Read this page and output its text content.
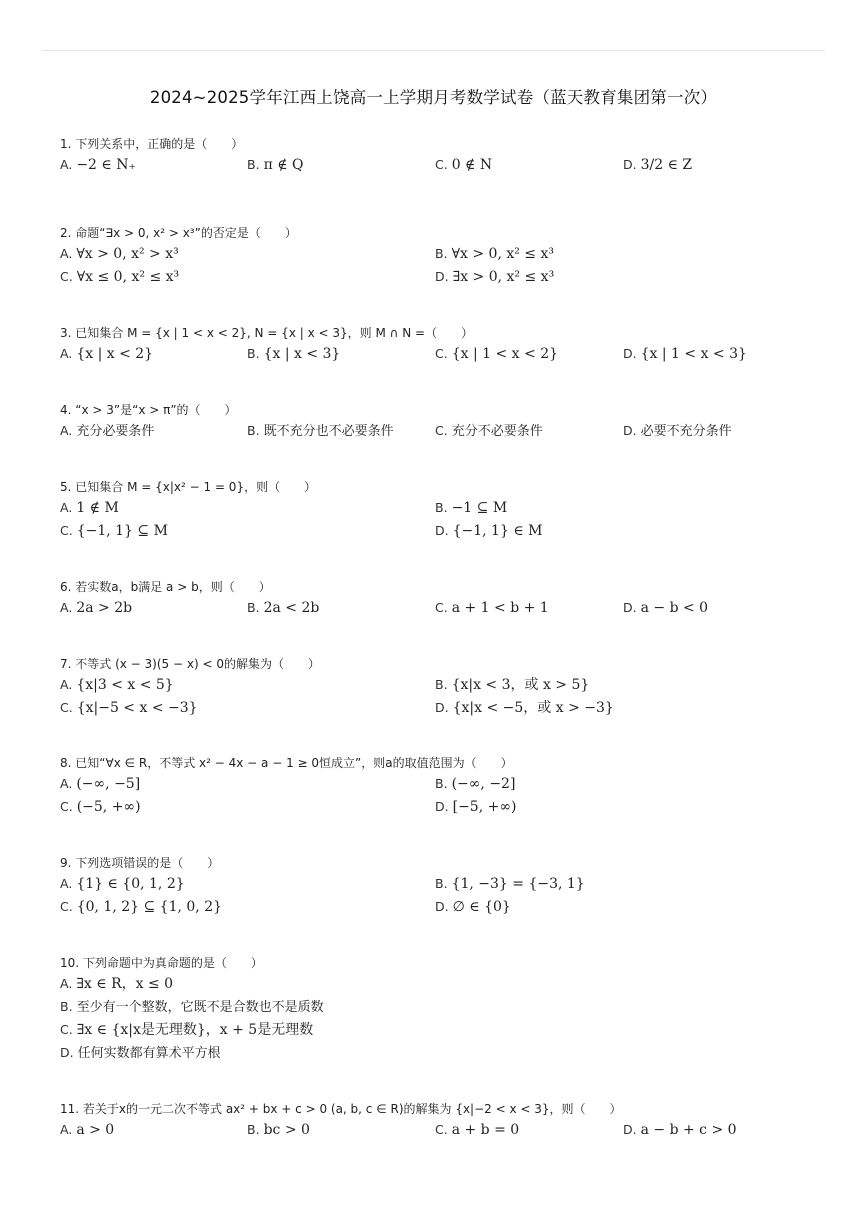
2024~2025学年江西上饶高一上学期月考数学试卷（蓝天教育集团第一次）
1. 下列关系中，正确的是（　　）
A. −2 ∈ N₊	B. π ∉ Q	C. 0 ∉ N	D. 3/2 ∈ Z
2. 命题“∃x > 0, x² > x³”的否定是（　　）
A. ∀x > 0, x² > x³	B. ∀x > 0, x² ≤ x³
C. ∀x ≤ 0, x² ≤ x³	D. ∃x > 0, x² ≤ x³
3. 已知集合 M = {x | 1 < x < 2}, N = {x | x < 3}，则 M ∩ N =（　　）
A. {x | x < 2}	B. {x | x < 3}	C. {x | 1 < x < 2}	D. {x | 1 < x < 3}
4. “x > 3”是“x > π”的（　　）
A. 充分必要条件	B. 既不充分也不必要条件	C. 充分不必要条件	D. 必要不充分条件
5. 已知集合 M = {x|x² − 1 = 0}，则（　　）
A. 1 ∉ M	B. −1 ⊆ M
C. {−1, 1} ⊆ M	D. {−1, 1} ∈ M
6. 若实数a，b满足 a > b，则（　　）
A. 2a > 2b	B. 2a < 2b	C. a + 1 < b + 1	D. a − b < 0
7. 不等式 (x − 3)(5 − x) < 0的解集为（　　）
A. {x|3 < x < 5}	B. {x|x < 3，或 x > 5}
C. {x|−5 < x < −3}	D. {x|x < −5，或 x > −3}
8. 已知“∀x ∈ R，不等式 x² − 4x − a − 1 ≥ 0恒成立”，则a的取值范围为（　　）
A. (−∞, −5]	B. (−∞, −2]
C. (−5, +∞)	D. [−5, +∞)
9. 下列选项错误的是（　　）
A. {1} ∈ {0, 1, 2}	B. {1, −3} = {−3, 1}
C. {0, 1, 2} ⊆ {1, 0, 2}	D. ∅ ∈ {0}
10. 下列命题中为真命题的是（　　）
A. ∃x ∈ R，x ≤ 0
B. 至少有一个整数，它既不是合数也不是质数
C. ∃x ∈ {x|x是无理数}，x + 5是无理数
D. 任何实数都有算术平方根
11. 若关于x的一元二次不等式 ax² + bx + c > 0 (a, b, c ∈ R)的解集为 {x|−2 < x < 3}，则（　　）
A. a > 0	B. bc > 0	C. a + b = 0	D. a − b + c > 0
